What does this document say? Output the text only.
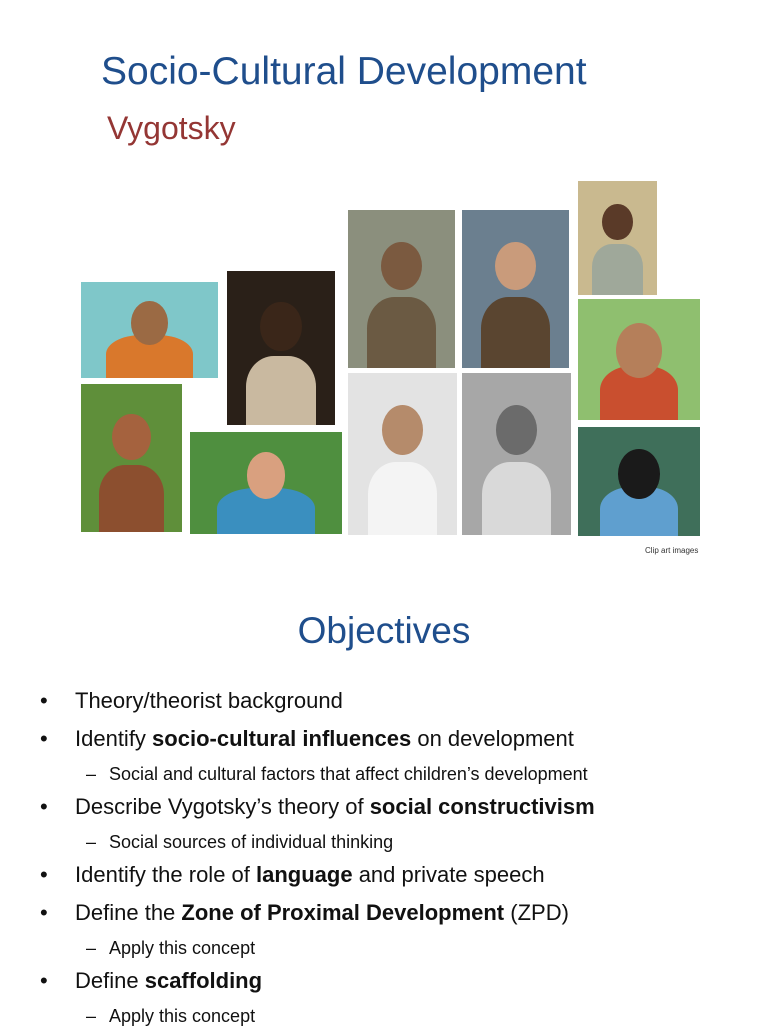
Socio-Cultural Development
Vygotsky
Clip art images
Objectives
• Theory/theorist background
• Identify socio-cultural influences on development
– Social and cultural factors that affect children’s development
• Describe Vygotsky’s theory of social constructivism
– Social sources of individual thinking
• Identify the role of language and private speech
• Define the Zone of Proximal Development (ZPD)
– Apply this concept
• Define scaffolding
– Apply this concept
